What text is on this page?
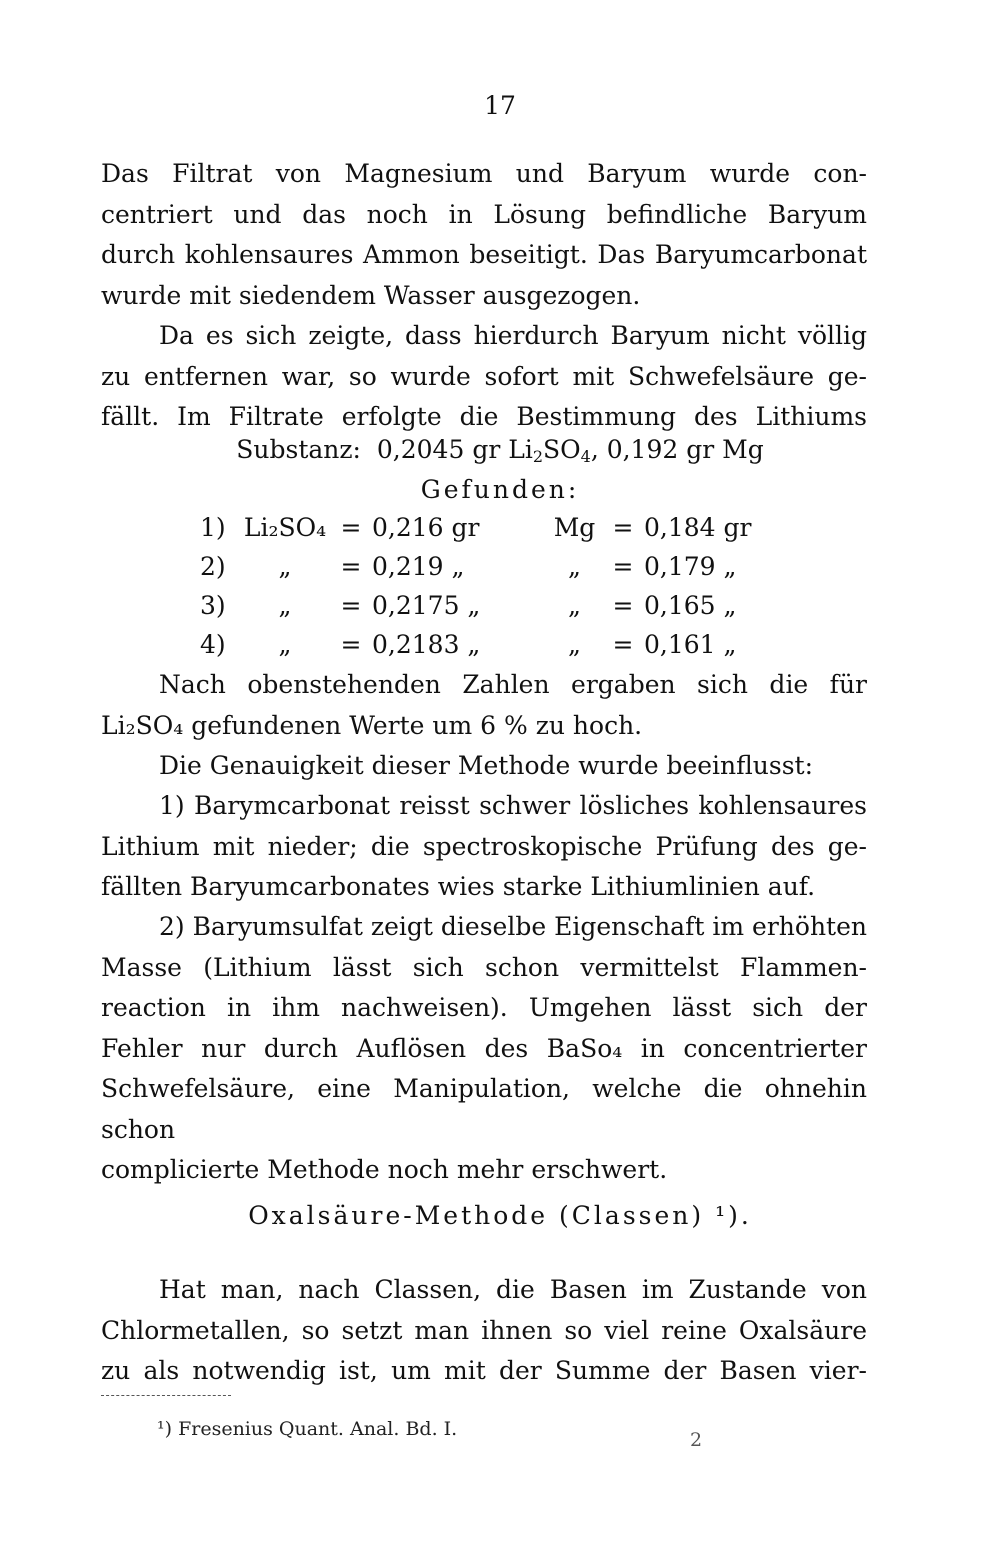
17

Das Filtrat von Magnesium und Baryum wurde con-

centriert und das noch in Lösung befindliche Baryum

durch kohlensaures Ammon beseitigt. Das Baryumcarbonat

wurde mit siedendem Wasser ausgezogen.

Da es sich zeigte, dass hierdurch Baryum nicht völlig

zu entfernen war, so wurde sofort mit Schwefelsäure ge-

fällt. Im Filtrate erfolgte die Bestimmung des Lithiums

Substanz: 0,2045 gr $Li_2SO_4$, 0,192 gr Mg
Gefunden:
1)	Li₂SO₄	=	0,216 gr	Mg	=	0,184 gr
2)	„	=	0,219 „	„	=	0,179 „
3)	„	=	0,2175 „	„	=	0,165 „
4)	„	=	0,2183 „	„	=	0,161 „

Nach obenstehenden Zahlen ergaben sich die für

Li₂SO₄ gefundenen Werte um 6 % zu hoch.

Die Genauigkeit dieser Methode wurde beeinflusst:

1) Barymcarbonat reisst schwer lösliches kohlensaures

Lithium mit nieder; die spectroskopische Prüfung des ge-

fällten Baryumcarbonates wies starke Lithiumlinien auf.

2) Baryumsulfat zeigt dieselbe Eigenschaft im erhöhten

Masse (Lithium lässt sich schon vermittelst Flammen-

reaction in ihm nachweisen). Umgehen lässt sich der

Fehler nur durch Auflösen des BaSo₄ in concentrierter

Schwefelsäure, eine Manipulation, welche die ohnehin schon

complicierte Methode noch mehr erschwert.

Oxalsäure-Methode (Classen) ¹).

Hat man, nach Classen, die Basen im Zustande von

Chlormetallen, so setzt man ihnen so viel reine Oxalsäure

zu als notwendig ist, um mit der Summe der Basen vier-

¹) Fresenius Quant. Anal. Bd. I.	2
